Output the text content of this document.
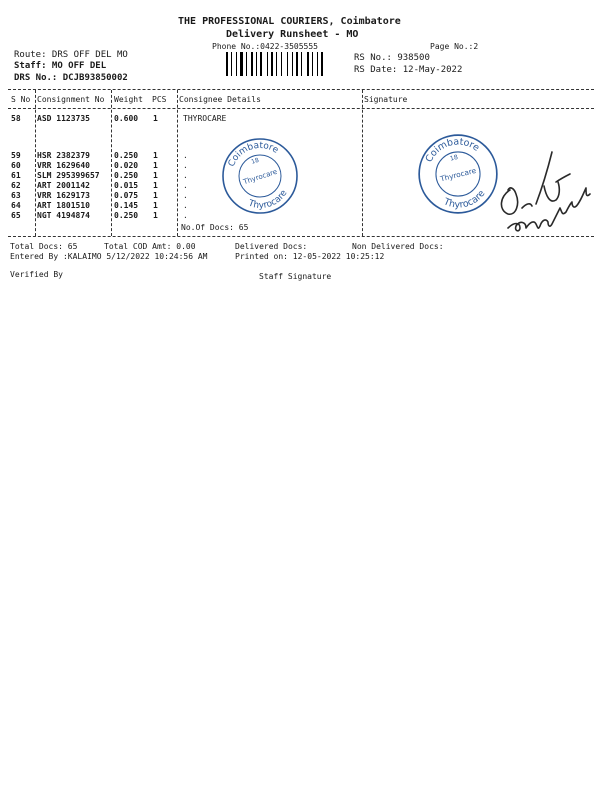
THE PROFESSIONAL COURIERS, Coimbatore
Delivery Runsheet - MO
Phone No.:0422-3505555	Page No.:2
Route: DRS OFF DEL MO
Staff: MO OFF DEL
DRS No.: DCJB93850002
RS No.: 938500
RS Date: 12-May-2022
S No Consignment No Weight PCS Consignee Details	Signature
58 ASD 1123735	0.600 1	THYROCARE
59 HSR 2382379	0.250 1	.
60 VRR 1629640	0.020 1	.
61 SLM 295399657 0.250 1	.
62 ART 2001142	0.015 1	.
63 VRR 1629173	0.075 1	.
64 ART 1801510	0.145 1	.
65 NGT 4194874	0.250 1	.
No.Of Docs: 65
Coimbatore
Thyrocare
Thyrocare
18	Coimbatore
Thyrocare
Thyrocare
18
Total Docs: 65	Total COD Amt: 0.00	Delivered Docs:	Non Delivered Docs:
Entered By :KALAIMO 5/12/2022 10:24:56 AM	Printed on: 12-05-2022 10:25:12
Verified By	Staff Signature
